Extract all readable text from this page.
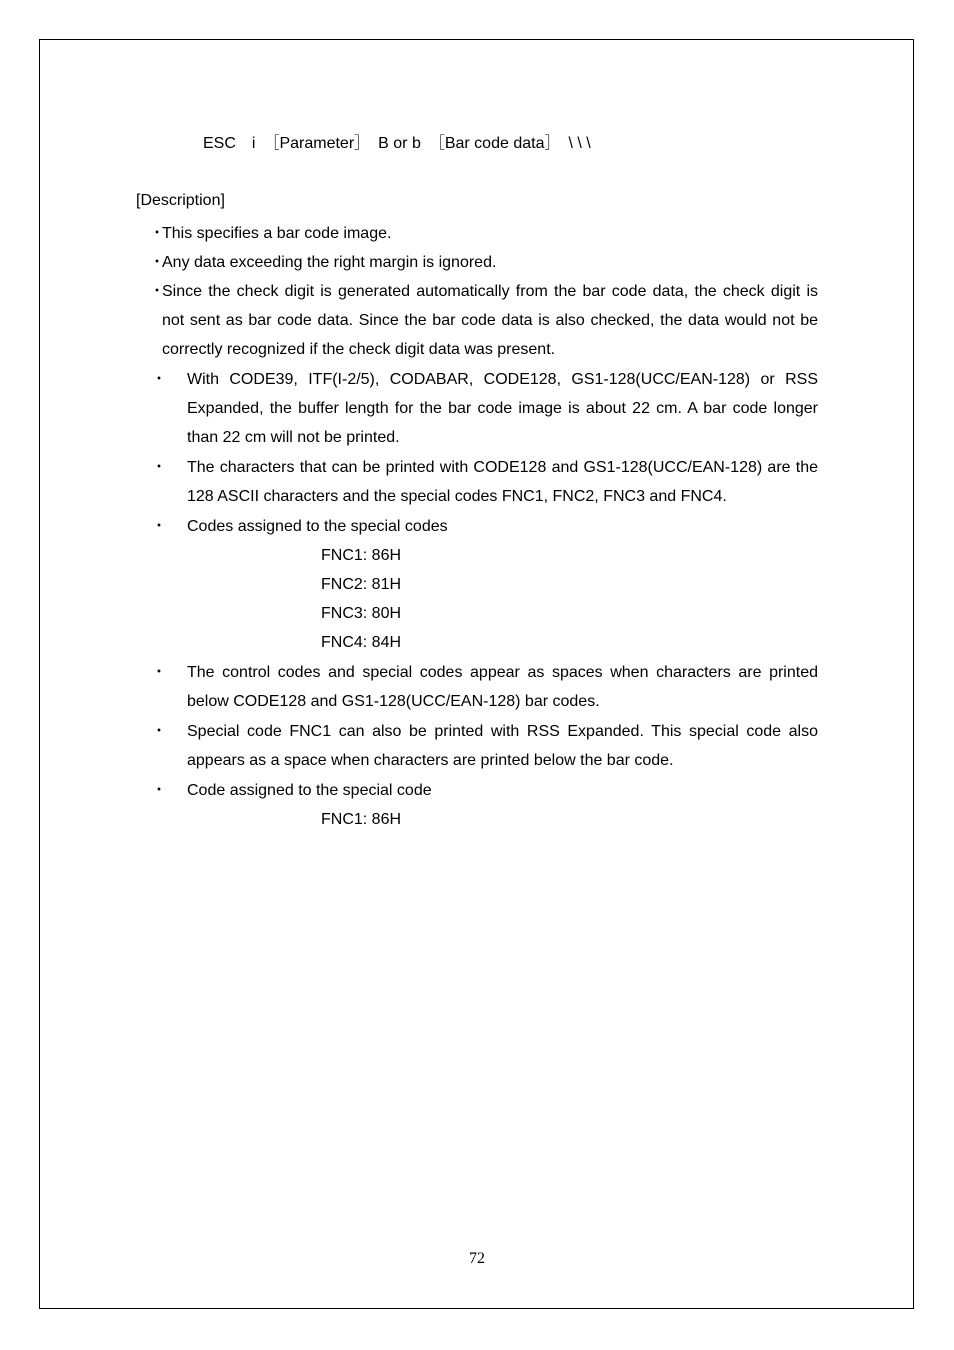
ESC　i　［Parameter］　B or b　［Bar code data］　\ \ \
[Description]
・
This specifies a bar code image.
・
Any data exceeding the right margin is ignored.
・
Since the check digit is generated automatically from the bar code data, the check digit is not sent as bar code data. Since the bar code data is also checked, the data would not be correctly recognized if the check digit data was present.
・ With CODE39, ITF(I-2/5), CODABAR, CODE128, GS1-128(UCC/EAN-128) or RSS Expanded, the buffer length for the bar code image is about 22 cm. A bar code longer than 22 cm will not be printed.
・ The characters that can be printed with CODE128 and GS1-128(UCC/EAN-128) are the 128 ASCII characters and the special codes FNC1, FNC2, FNC3 and FNC4.
・ Codes assigned to the special codes
FNC1: 86H
FNC2: 81H
FNC3: 80H
FNC4: 84H
・ The control codes and special codes appear as spaces when characters are printed below CODE128 and GS1-128(UCC/EAN-128) bar codes.
・ Special code FNC1 can also be printed with RSS Expanded. This special code also appears as a space when characters are printed below the bar code.
・ Code assigned to the special code
FNC1: 86H
72
